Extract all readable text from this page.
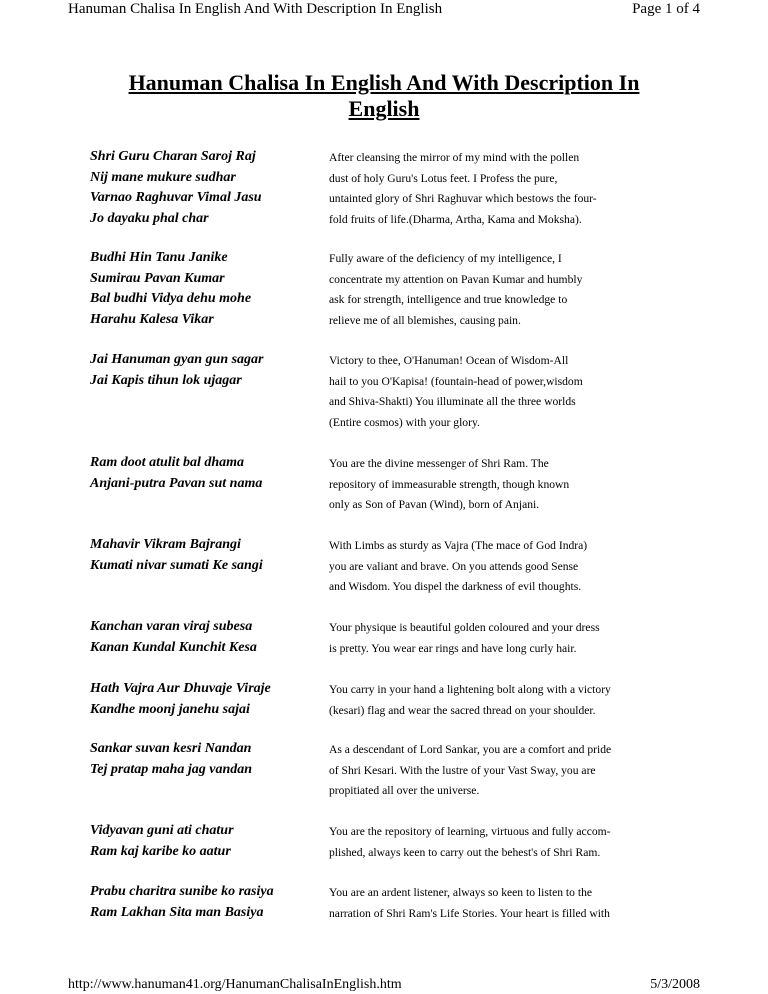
Hanuman Chalisa In English And With Description In English	Page 1 of 4
Hanuman Chalisa In English And With Description In
English
Shri Guru Charan Saroj Raj
Nij mane mukure sudhar
Varnao Raghuvar Vimal Jasu
Jo dayaku phal char
After cleansing the mirror of my mind with the pollen
dust of holy Guru's Lotus feet. I Profess the pure,
untainted glory of Shri Raghuvar which bestows the four-
fold fruits of life.(Dharma, Artha, Kama and Moksha).
Budhi Hin Tanu Janike
Sumirau Pavan Kumar
Bal budhi Vidya dehu mohe
Harahu Kalesa Vikar
Fully aware of the deficiency of my intelligence, I
concentrate my attention on Pavan Kumar and humbly
ask for strength, intelligence and true knowledge to
relieve me of all blemishes, causing pain.
Jai Hanuman gyan gun sagar
Jai Kapis tihun lok ujagar
Victory to thee, O'Hanuman! Ocean of Wisdom-All
hail to you O'Kapisa! (fountain-head of power,wisdom
and Shiva-Shakti) You illuminate all the three worlds
(Entire cosmos) with your glory.
Ram doot atulit bal dhama
Anjani-putra Pavan sut nama
You are the divine messenger of Shri Ram. The
repository of immeasurable strength, though known
only as Son of Pavan (Wind), born of Anjani.
Mahavir Vikram Bajrangi
Kumati nivar sumati Ke sangi
With Limbs as sturdy as Vajra (The mace of God Indra)
you are valiant and brave. On you attends good Sense
and Wisdom. You dispel the darkness of evil thoughts.
Kanchan varan viraj subesa
Kanan Kundal Kunchit Kesa
Your physique is beautiful golden coloured and your dress
is pretty. You wear ear rings and have long curly hair.
Hath Vajra Aur Dhuvaje Viraje
Kandhe moonj janehu sajai
You carry in your hand a lightening bolt along with a victory
(kesari) flag and wear the sacred thread on your shoulder.
Sankar suvan kesri Nandan
Tej pratap maha jag vandan
As a descendant of Lord Sankar, you are a comfort and pride
of Shri Kesari. With the lustre of your Vast Sway, you are
propitiated all over the universe.
Vidyavan guni ati chatur
Ram kaj karibe ko aatur
You are the repository of learning, virtuous and fully accom-
plished, always keen to carry out the behest's of Shri Ram.
Prabu charitra sunibe ko rasiya
Ram Lakhan Sita man Basiya
You are an ardent listener, always so keen to listen to the
narration of Shri Ram's Life Stories. Your heart is filled with
http://www.hanuman41.org/HanumanChalisaInEnglish.htm	5/3/2008
